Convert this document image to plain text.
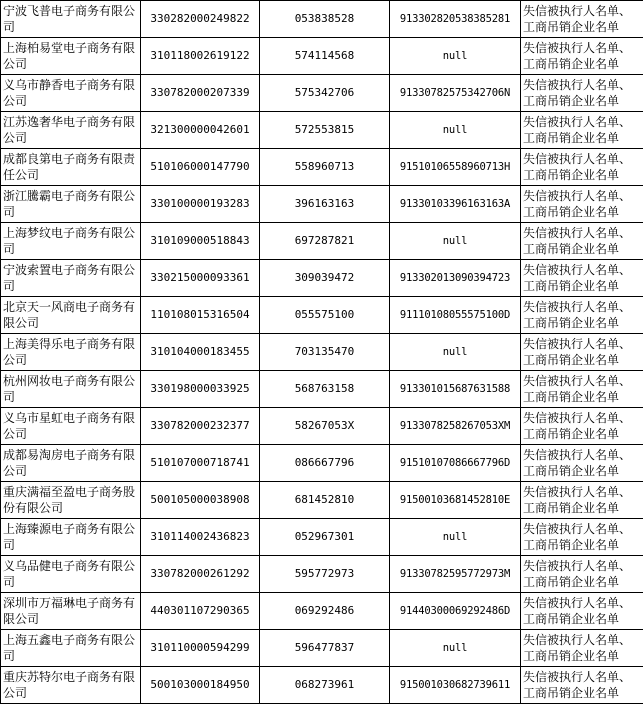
宁波飞普电子商务有限公司	330282000249822	053838528	913302820538385281	失信被执行人名单、工商吊销企业名单
上海柏易堂电子商务有限公司	310118002619122	574114568	null	失信被执行人名单、工商吊销企业名单
义乌市静香电子商务有限公司	330782000207339	575342706	91330782575342706N	失信被执行人名单、工商吊销企业名单
江苏逸奢华电子商务有限公司	321300000042601	572553815	null	失信被执行人名单、工商吊销企业名单
成都良第电子商务有限责任公司	510106000147790	558960713	91510106558960713H	失信被执行人名单、工商吊销企业名单
浙江騰霸电子商务有限公司	330100000193283	396163163	91330103396163163A	失信被执行人名单、工商吊销企业名单
上海梦纹电子商务有限公司	310109000518843	697287821	null	失信被执行人名单、工商吊销企业名单
宁波索置电子商务有限公司	330215000093361	309039472	913302013090394723	失信被执行人名单、工商吊销企业名单
北京天一风商电子商务有限公司	110108015316504	055575100	91110108055575100D	失信被执行人名单、工商吊销企业名单
上海美得乐电子商务有限公司	310104000183455	703135470	null	失信被执行人名单、工商吊销企业名单
杭州网妆电子商务有限公司	330198000033925	568763158	913301015687631588	失信被执行人名单、工商吊销企业名单
义乌市星虹电子商务有限公司	330782000232377	58267053X	9133078258267053XM	失信被执行人名单、工商吊销企业名单
成都易淘房电子商务有限公司	510107000718741	086667796	91510107086667796D	失信被执行人名单、工商吊销企业名单
重庆满福至盈电子商务股份有限公司	500105000038908	681452810	91500103681452810E	失信被执行人名单、工商吊销企业名单
上海臻源电子商务有限公司	310114002436823	052967301	null	失信被执行人名单、工商吊销企业名单
义乌品健电子商务有限公司	330782000261292	595772973	91330782595772973M	失信被执行人名单、工商吊销企业名单
深圳市万福琳电子商务有限公司	440301107290365	069292486	91440300069292486D	失信被执行人名单、工商吊销企业名单
上海五鑫电子商务有限公司	310110000594299	596477837	null	失信被执行人名单、工商吊销企业名单
重庆苏特尔电子商务有限公司	500103000184950	068273961	915001030682739611	失信被执行人名单、工商吊销企业名单
